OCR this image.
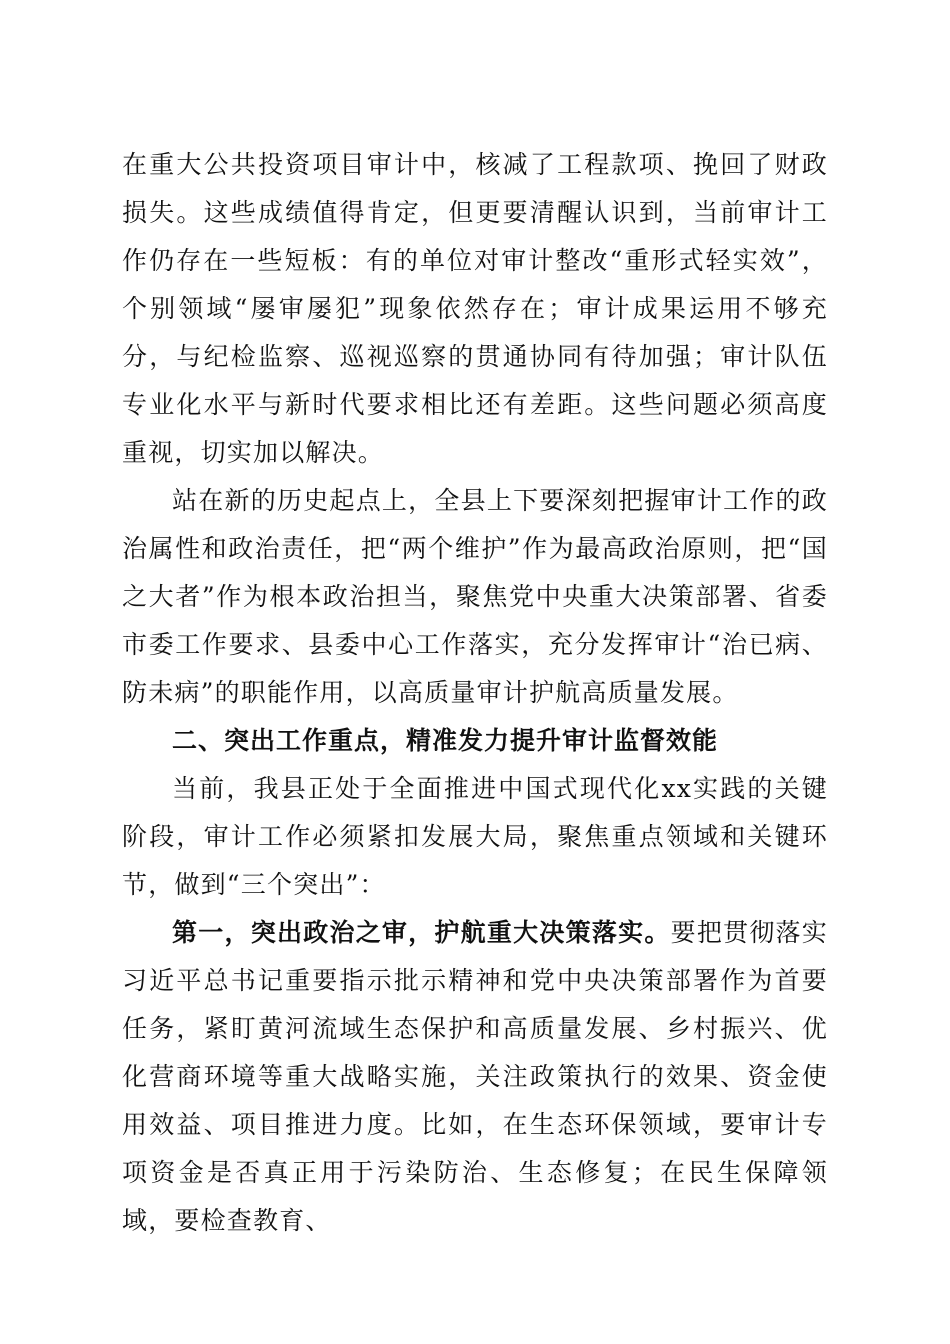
在重大公共投资项目审计中，核减了工程款项、挽回了财政损失。这些成绩值得肯定，但更要清醒认识到，当前审计工作仍存在一些短板：有的单位对审计整改“重形式轻实效”，个别领域“屡审屡犯”现象依然存在；审计成果运用不够充分，与纪检监察、巡视巡察的贯通协同有待加强；审计队伍专业化水平与新时代要求相比还有差距。这些问题必须高度重视，切实加以解决。

站在新的历史起点上，全县上下要深刻把握审计工作的政治属性和政治责任，把“两个维护”作为最高政治原则，把“国之大者”作为根本政治担当，聚焦党中央重大决策部署、省委市委工作要求、县委中心工作落实，充分发挥审计“治已病、防未病”的职能作用，以高质量审计护航高质量发展。

二、突出工作重点，精准发力提升审计监督效能

当前，我县正处于全面推进中国式现代化xx实践的关键阶段，审计工作必须紧扣发展大局，聚焦重点领域和关键环节，做到“三个突出”：

第一，突出政治之审，护航重大决策落实。要把贯彻落实习近平总书记重要指示批示精神和党中央决策部署作为首要任务，紧盯黄河流域生态保护和高质量发展、乡村振兴、优化营商环境等重大战略实施，关注政策执行的效果、资金使用效益、项目推进力度。比如，在生态环保领域，要审计专项资金是否真正用于污染防治、生态修复；在民生保障领域，要检查教育、
